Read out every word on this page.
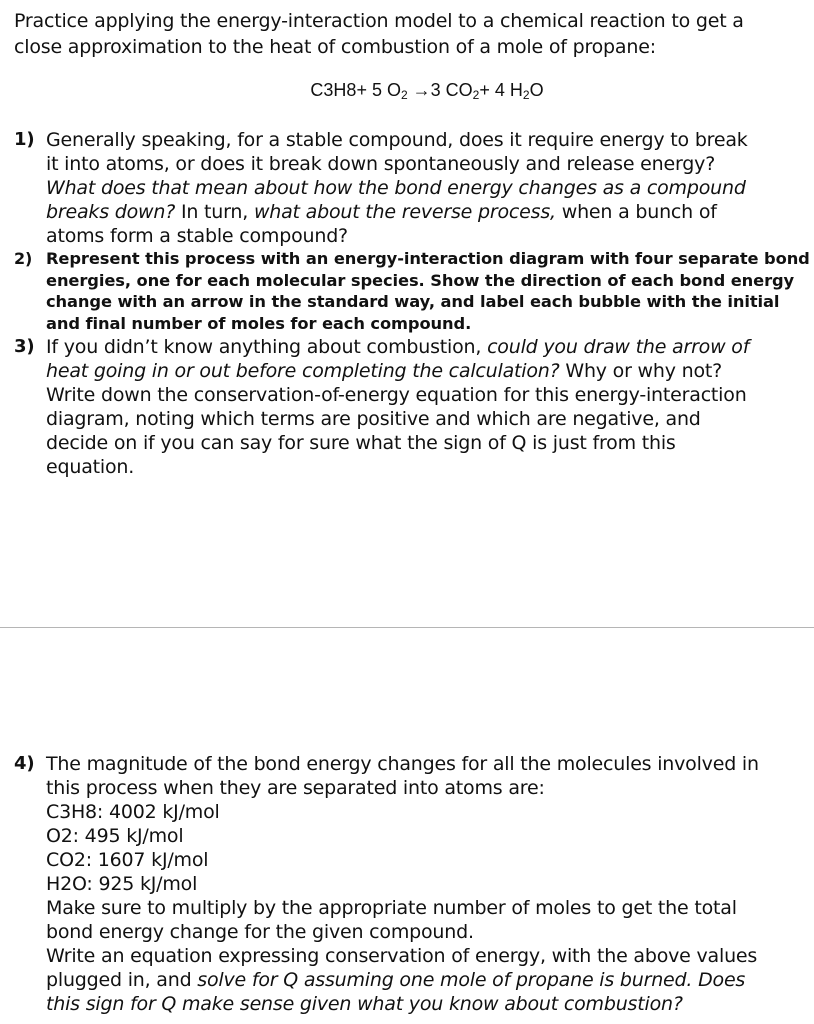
Practice applying the energy-interaction model to a chemical reaction to get a
close approximation to the heat of combustion of a mole of propane:
C3H8+ 5 $O_2 \to 3$ $CO_2+ 4$ $H_2O$
1) Generally speaking, for a stable compound, does it require energy to break
it into atoms, or does it break down spontaneously and release energy?
What does that mean about how the bond energy changes as a compound
breaks down? In turn, what about the reverse process, when a bunch of
atoms form a stable compound?
2) Represent this process with an energy-interaction diagram with four separate bond
energies, one for each molecular species. Show the direction of each bond energy
change with an arrow in the standard way, and label each bubble with the initial
and final number of moles for each compound.
3) If you didn’t know anything about combustion, could you draw the arrow of
heat going in or out before completing the calculation? Why or why not?
Write down the conservation-of-energy equation for this energy-interaction
diagram, noting which terms are positive and which are negative, and
decide on if you can say for sure what the sign of Q is just from this
equation.
4) The magnitude of the bond energy changes for all the molecules involved in
this process when they are separated into atoms are:
C3H8: 4002 kJ/mol
O2: 495 kJ/mol
CO2: 1607 kJ/mol
H2O: 925 kJ/mol
Make sure to multiply by the appropriate number of moles to get the total
bond energy change for the given compound.
Write an equation expressing conservation of energy, with the above values
plugged in, and solve for Q assuming one mole of propane is burned. Does
this sign for Q make sense given what you know about combustion?
